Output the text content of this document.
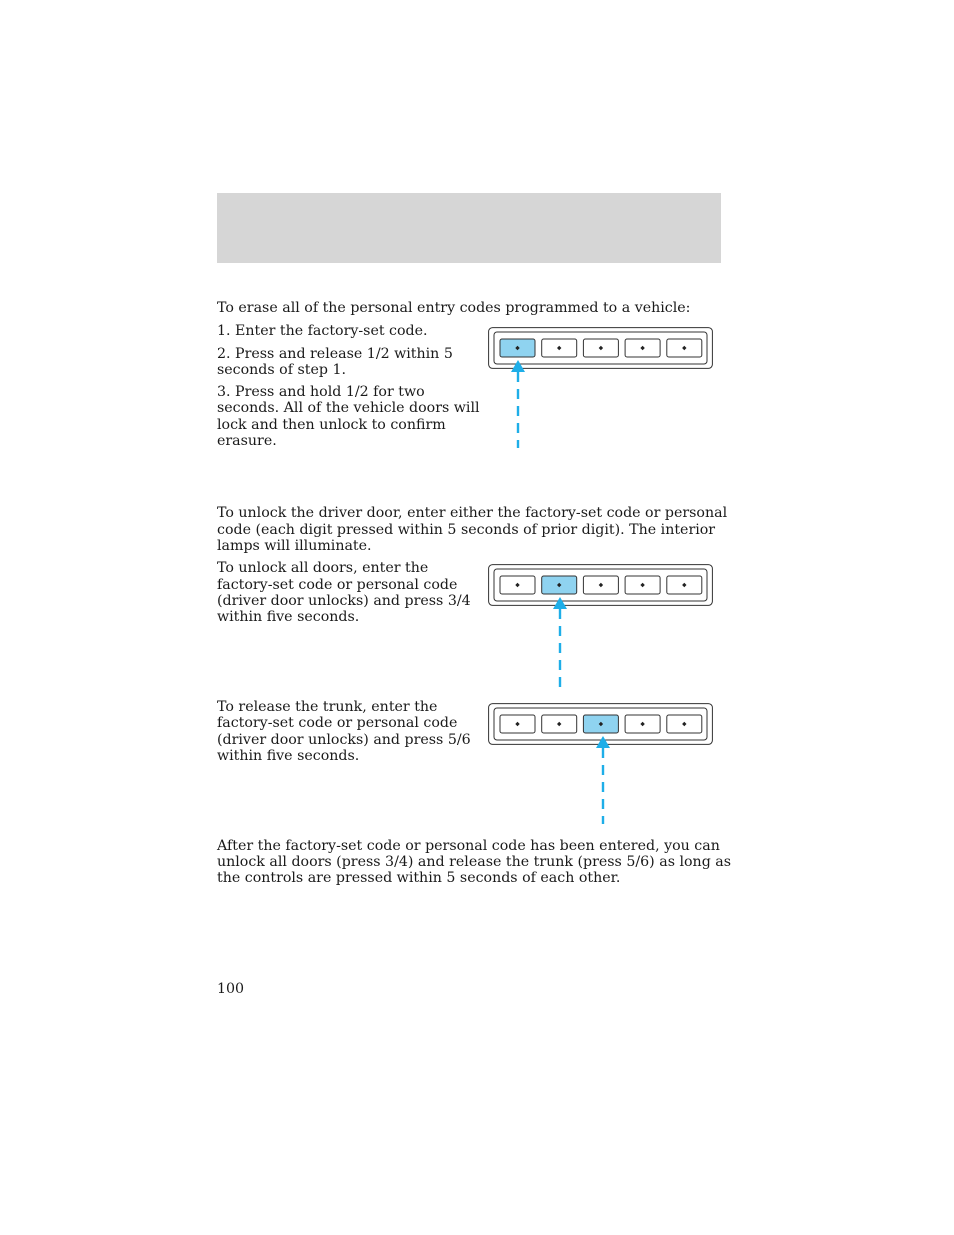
To erase all of the personal entry codes programmed to a vehicle:

1. Enter the factory-set code.

2. Press and release 1/2 within 5

seconds of step 1.

3. Press and hold 1/2 for two

seconds. All of the vehicle doors will

lock and then unlock to confirm

erasure.

To unlock the driver door, enter either the factory-set code or personal

code (each digit pressed within 5 seconds of prior digit). The interior

lamps will illuminate.

To unlock all doors, enter the

factory-set code or personal code

(driver door unlocks) and press 3/4

within five seconds.

To release the trunk, enter the

factory-set code or personal code

(driver door unlocks) and press 5/6

within five seconds.

After the factory-set code or personal code has been entered, you can

unlock all doors (press 3/4) and release the trunk (press 5/6) as long as

the controls are pressed within 5 seconds of each other.

100
